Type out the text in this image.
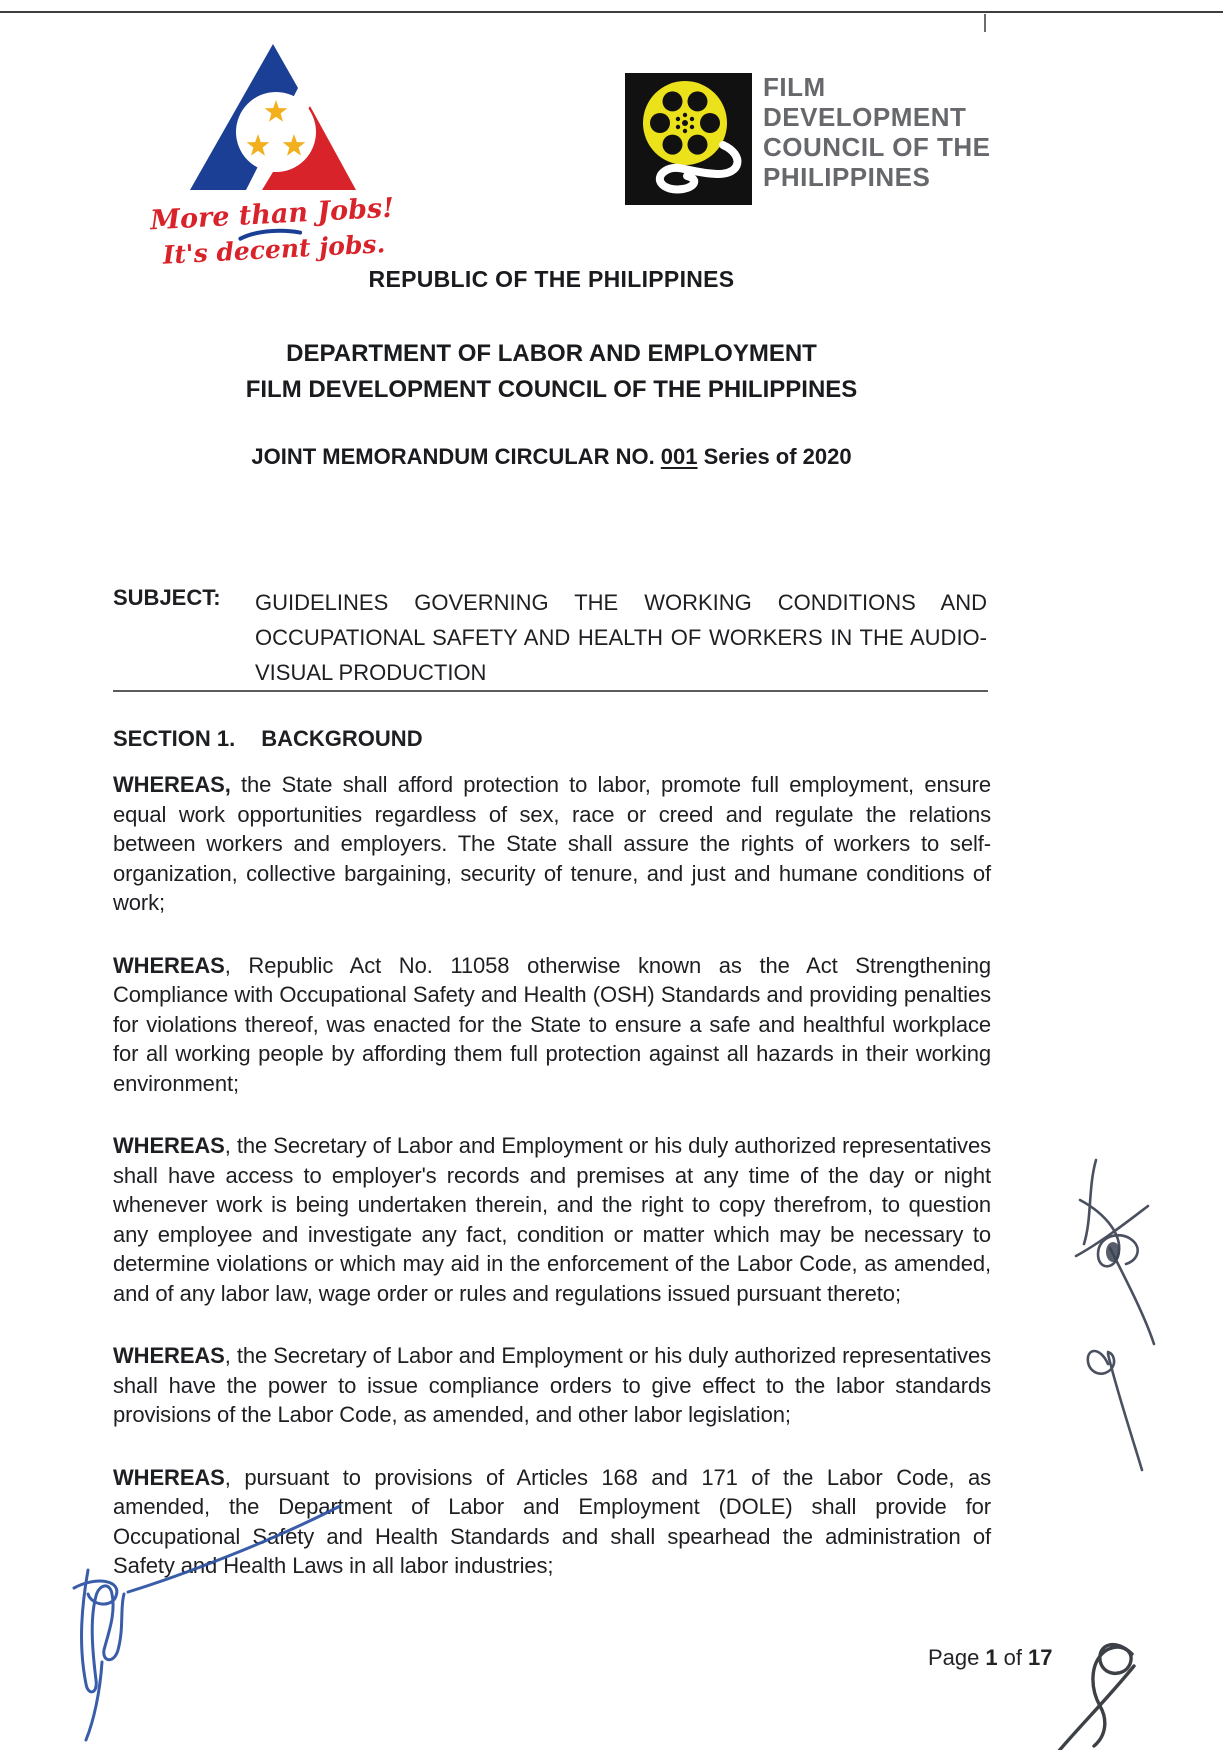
More than
Jobs!
It's decent jobs.
FILM
DEVELOPMENT
COUNCIL OF THE
PHILIPPINES
REPUBLIC OF THE PHILIPPINES
DEPARTMENT OF LABOR AND EMPLOYMENT
FILM DEVELOPMENT COUNCIL OF THE PHILIPPINES
JOINT MEMORANDUM CIRCULAR NO. 001 Series of 2020
SUBJECT: GUIDELINES GOVERNING THE WORKING CONDITIONS AND OCCUPATIONAL SAFETY AND HEALTH OF WORKERS IN THE AUDIO-VISUAL PRODUCTION
SECTION 1. BACKGROUND

WHEREAS, the State shall afford protection to labor, promote full employment, ensure equal work opportunities regardless of sex, race or creed and regulate the relations between workers and employers. The State shall assure the rights of workers to self-organization, collective bargaining, security of tenure, and just and humane conditions of work;

WHEREAS, Republic Act No. 11058 otherwise known as the Act Strengthening Compliance with Occupational Safety and Health (OSH) Standards and providing penalties for violations thereof, was enacted for the State to ensure a safe and healthful workplace for all working people by affording them full protection against all hazards in their working environment;

WHEREAS, the Secretary of Labor and Employment or his duly authorized representatives shall have access to employer's records and premises at any time of the day or night whenever work is being undertaken therein, and the right to copy therefrom, to question any employee and investigate any fact, condition or matter which may be necessary to determine violations or which may aid in the enforcement of the Labor Code, as amended, and of any labor law, wage order or rules and regulations issued pursuant thereto;

WHEREAS, the Secretary of Labor and Employment or his duly authorized representatives shall have the power to issue compliance orders to give effect to the labor standards provisions of the Labor Code, as amended, and other labor legislation;

WHEREAS, pursuant to provisions of Articles 168 and 171 of the Labor Code, as amended, the Department of Labor and Employment (DOLE) shall provide for Occupational Safety and Health Standards and shall spearhead the administration of Safety and Health Laws in all labor industries;

Page 1 of 17
